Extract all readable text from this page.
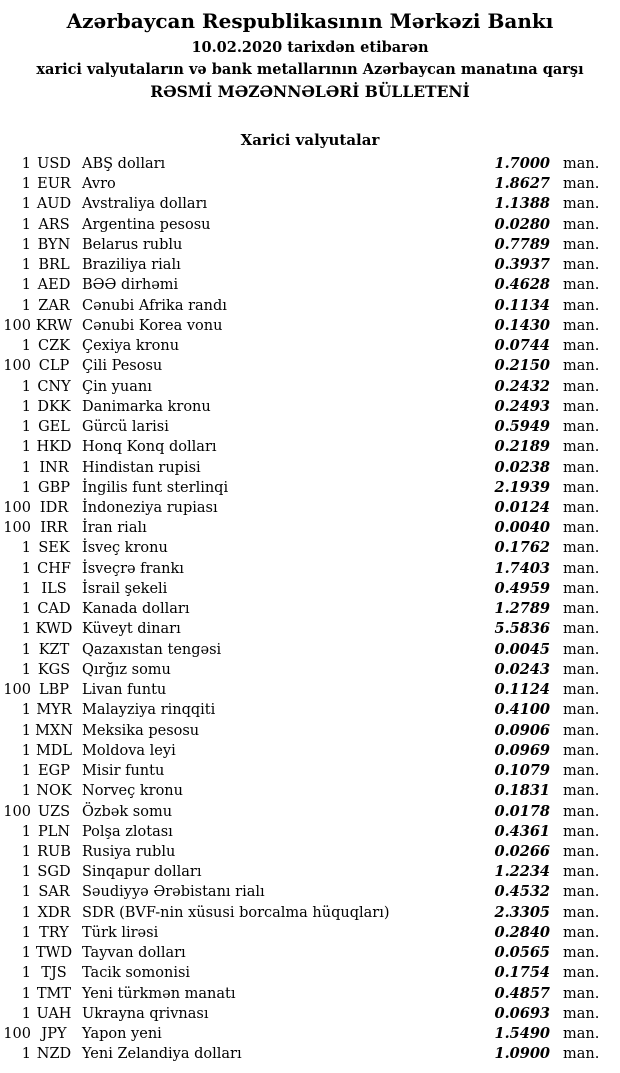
Azərbaycan Respublikasının Mərkəzi Bankı
10.02.2020 tarixdən etibarən
xarici valyutaların və bank metallarının Azərbaycan manatına qarşı
RƏSMİ MƏZƏNNƏLƏRİ BÜLLETENİ
Xarici valyutalar
1 USD ABŞ dolları	1.7000 man.
1 EUR Avro	1.8627 man.
1 AUD Avstraliya dolları	1.1388 man.
1 ARS Argentina pesosu	0.0280 man.
1 BYN Belarus rublu	0.7789 man.
1 BRL Braziliya rialı	0.3937 man.
1 AED BƏƏ dirhəmi	0.4628 man.
1 ZAR Cənubi Afrika randı	0.1134 man.
100 KRW Cənubi Korea vonu	0.1430 man.
1 CZK Çexiya kronu	0.0744 man.
100 CLP Çili Pesosu	0.2150 man.
1 CNY Çin yuanı	0.2432 man.
1 DKK Danimarka kronu	0.2493 man.
1 GEL Gürcü larisi	0.5949 man.
1 HKD Honq Konq dolları	0.2189 man.
1 INR Hindistan rupisi	0.0238 man.
1 GBP İngilis funt sterlinqi	2.1939 man.
100 IDR İndoneziya rupiası	0.0124 man.
100 IRR İran rialı	0.0040 man.
1 SEK İsveç kronu	0.1762 man.
1 CHF İsveçrə frankı	1.7403 man.
1 ILS	İsrail şekeli	0.4959 man.
1 CAD Kanada dolları	1.2789 man.
1 KWD Küveyt dinarı	5.5836 man.
1 KZT Qazaxıstan tengəsi	0.0045 man.
1 KGS Qırğız somu	0.0243 man.
100 LBP Livan funtu	0.1124 man.
1 MYR Malayziya rinqqiti	0.4100 man.
1 MXN Meksika pesosu	0.0906 man.
1 MDL Moldova leyi	0.0969 man.
1 EGP Misir funtu	0.1079 man.
1 NOK Norveç kronu	0.1831 man.
100 UZS Özbək somu	0.0178 man.
1 PLN Polşa zlotası	0.4361 man.
1 RUB Rusiya rublu	0.0266 man.
1 SGD Sinqapur dolları	1.2234 man.
1 SAR Səudiyyə Ərəbistanı rialı	0.4532 man.
1 XDR SDR (BVF-nin xüsusi borcalma hüquqları)	2.3305 man.
1 TRY Türk lirəsi	0.2840 man.
1 TWD Tayvan dolları	0.0565 man.
1 TJS	Tacik somonisi	0.1754 man.
1 TMT Yeni türkmən manatı	0.4857 man.
1 UAH Ukrayna qrivnası	0.0693 man.
100 JPY	Yapon yeni	1.5490 man.
1 NZD Yeni Zelandiya dolları	1.0900 man.
